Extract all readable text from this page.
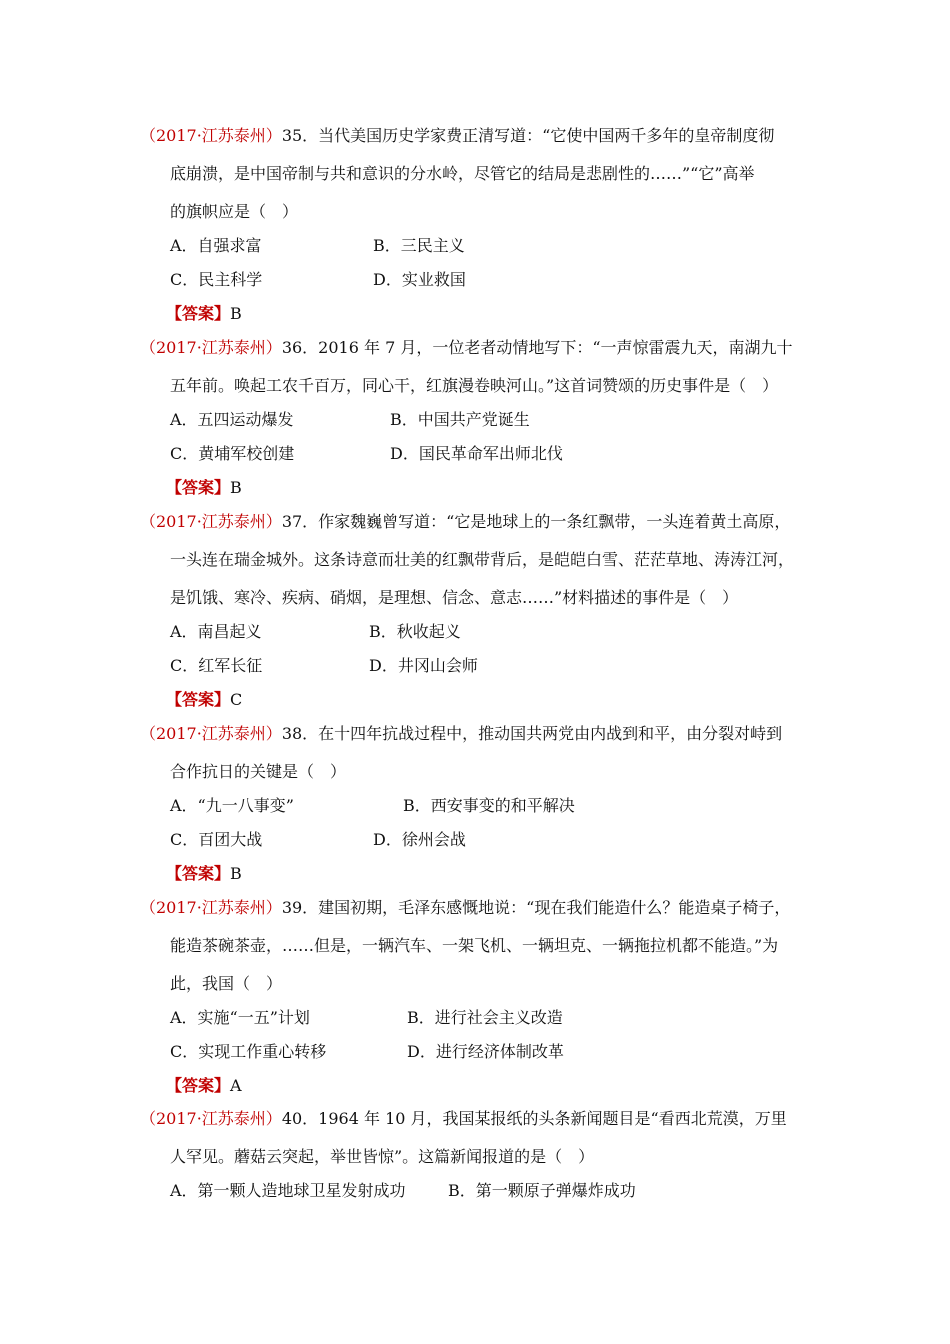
（2017·江苏泰州）35．当代美国历史学家费正清写道：“它使中国两千多年的皇帝制度彻
底崩溃，是中国帝制与共和意识的分水岭，尽管它的结局是悲剧性的……”“它”高举
的旗帜应是（　）
A．自强求富	B．三民主义
C．民主科学	D．实业救国
【答案】B
（2017·江苏泰州）36．2016 年 7 月，一位老者动情地写下：“一声惊雷震九天，南湖九十
五年前。唤起工农千百万，同心干，红旗漫卷映河山。”这首词赞颂的历史事件是（　）
A．五四运动爆发	B．中国共产党诞生
C．黄埔军校创建	D．国民革命军出师北伐
【答案】B
（2017·江苏泰州）37．作家魏巍曾写道：“它是地球上的一条红飘带，一头连着黄土高原，
一头连在瑞金城外。这条诗意而壮美的红飘带背后，是皑皑白雪、茫茫草地、涛涛江河，
是饥饿、寒冷、疾病、硝烟，是理想、信念、意志……”材料描述的事件是（　）
A．南昌起义	B．秋收起义
C．红军长征	D．井冈山会师
【答案】C
（2017·江苏泰州）38．在十四年抗战过程中，推动国共两党由内战到和平，由分裂对峙到
合作抗日的关键是（　）
A．“九一八事变”	B．西安事变的和平解决
C．百团大战	D．徐州会战
【答案】B
（2017·江苏泰州）39．建国初期，毛泽东感慨地说：“现在我们能造什么？能造桌子椅子，
能造茶碗茶壶，……但是，一辆汽车、一架飞机、一辆坦克、一辆拖拉机都不能造。”为
此，我国（　）
A．实施“一五”计划	B．进行社会主义改造
C．实现工作重心转移	D．进行经济体制改革
【答案】A
（2017·江苏泰州）40．1964 年 10 月，我国某报纸的头条新闻题目是“看西北荒漠，万里
人罕见。蘑菇云突起，举世皆惊”。这篇新闻报道的是（　）
A．第一颗人造地球卫星发射成功	B．第一颗原子弹爆炸成功
